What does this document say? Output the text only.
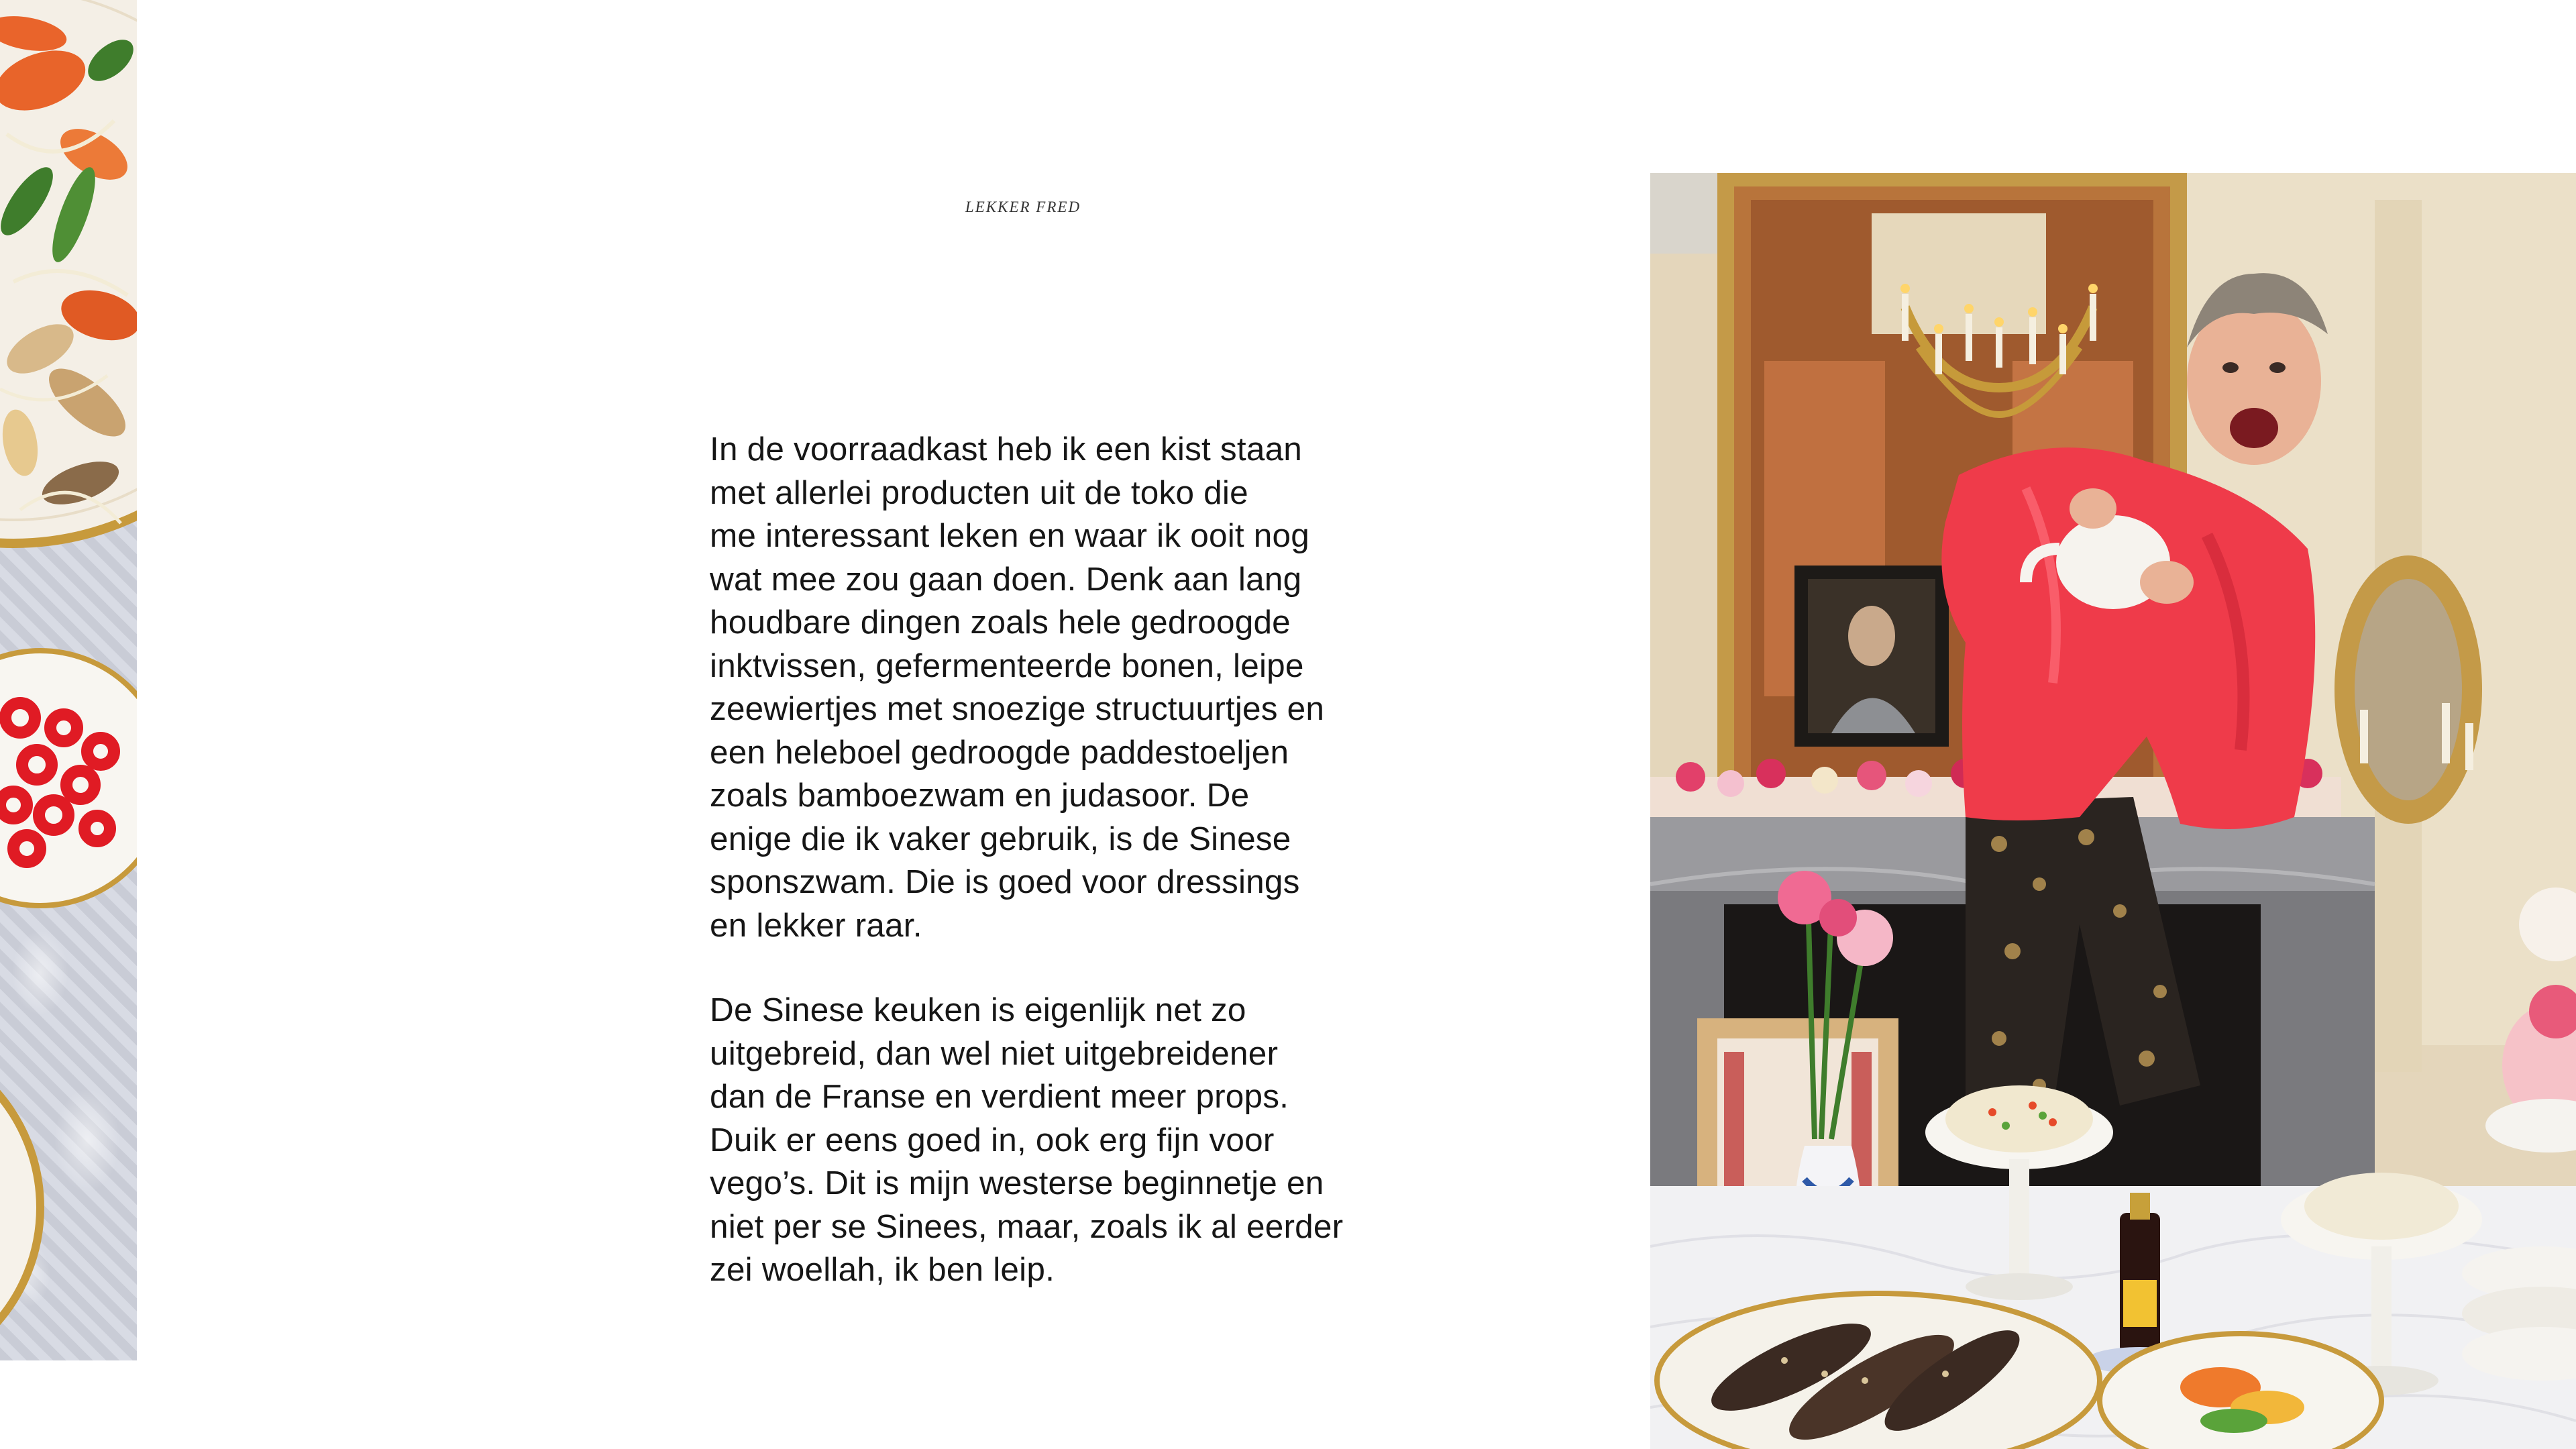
LEKKER FRED

In de voorraadkast heb ik een kist staan
met allerlei producten uit de toko die
me interessant leken en waar ik ooit nog
wat mee zou gaan doen. Denk aan lang
houdbare dingen zoals hele gedroogde
inktvissen, gefermenteerde bonen, leipe
zeewiertjes met snoezige structuurtjes en
een heleboel gedroogde paddestoeljen
zoals bamboezwam en judasoor. De
enige die ik vaker gebruik, is de Sinese
sponszwam. Die is goed voor dressings
en lekker raar.

De Sinese keuken is eigenlijk net zo
uitgebreid, dan wel niet uitgebreidener
dan de Franse en verdient meer props.
Duik er eens goed in, ook erg fijn voor
vego’s. Dit is mijn westerse beginnetje en
niet per se Sinees, maar, zoals ik al eerder
zei woellah, ik ben leip.
